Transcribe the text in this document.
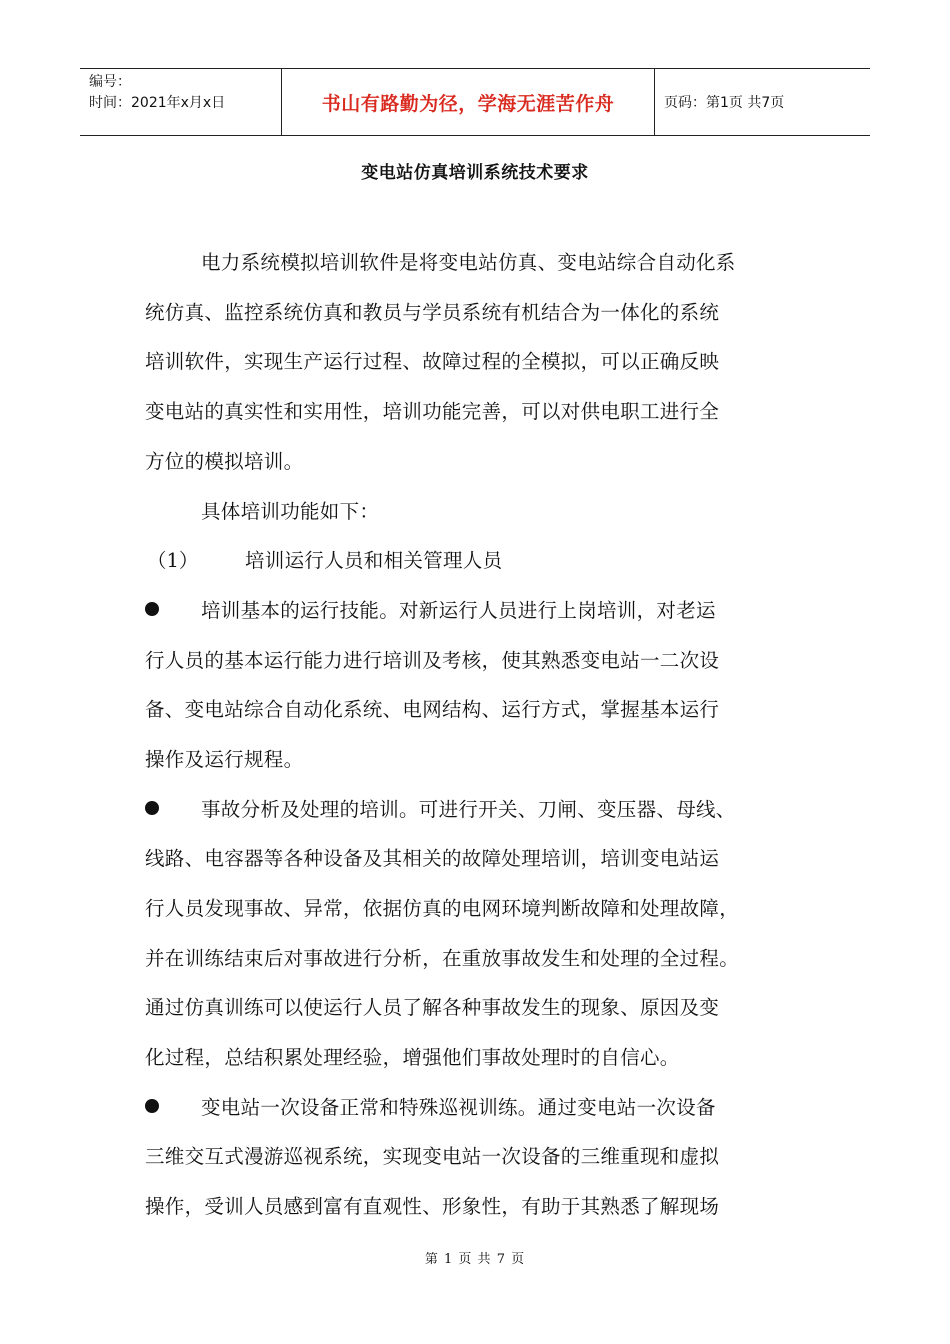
编号：
时间：2021年x月x日	书山有路勤为径，学海无涯苦作舟	页码：第1页 共7页
变电站仿真培训系统技术要求
电力系统模拟培训软件是将变电站仿真、变电站综合自动化系
统仿真、监控系统仿真和教员与学员系统有机结合为一体化的系统
培训软件，实现生产运行过程、故障过程的全模拟，可以正确反映
变电站的真实性和实用性，培训功能完善，可以对供电职工进行全
方位的模拟培训。
具体培训功能如下：
（1） 培训运行人员和相关管理人员
培训基本的运行技能。对新运行人员进行上岗培训，对老运
行人员的基本运行能力进行培训及考核，使其熟悉变电站一二次设
备、变电站综合自动化系统、电网结构、运行方式，掌握基本运行
操作及运行规程。
事故分析及处理的培训。可进行开关、刀闸、变压器、母线、
线路、电容器等各种设备及其相关的故障处理培训，培训变电站运
行人员发现事故、异常，依据仿真的电网环境判断故障和处理故障，
并在训练结束后对事故进行分析，在重放事故发生和处理的全过程。
通过仿真训练可以使运行人员了解各种事故发生的现象、原因及变
化过程，总结积累处理经验，增强他们事故处理时的自信心。
变电站一次设备正常和特殊巡视训练。通过变电站一次设备
三维交互式漫游巡视系统，实现变电站一次设备的三维重现和虚拟
操作，受训人员感到富有直观性、形象性，有助于其熟悉了解现场
第 1 页 共 7 页
